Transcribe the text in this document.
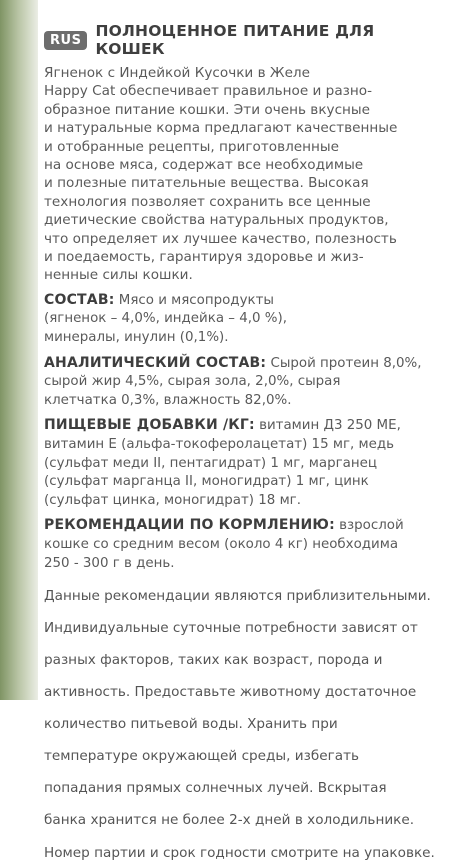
RUS ПОЛНОЦЕННОЕ ПИТАНИЕ ДЛЯ КОШЕК

Ягненок с Индейкой Кусочки в Желе

Happy Cat обеспечивает правильное и разно-

образное питание кошки. Эти очень вкусные

и натуральные корма предлагают качественные

и отобранные рецепты, приготовленные

на основе мяса, содержат все необходимые

и полезные питательные вещества. Высокая

технология позволяет сохранить все ценные

диетические свойства натуральных продуктов,

что определяет их лучшее качество, полезность

и поедаемость, гарантируя здоровье и жиз-

ненные силы кошки.

СОСТАВ: Мясо и мясопродукты

(ягненок – 4,0%, индейка – 4,0 %),

минералы, инулин (0,1%).

АНАЛИТИЧЕСКИЙ СОСТАВ: Сырой протеин 8,0%,

сырой жир 4,5%, сырая зола, 2,0%, сырая

клетчатка 0,3%, влажность 82,0%.

ПИЩЕВЫЕ ДОБАВКИ /КГ: витамин Д3 250 МЕ,

витамин Е (альфа-токоферолацетат) 15 мг, медь

(сульфат меди II, пентагидрат) 1 мг, марганец

(сульфат марганца II, моногидрат) 1 мг, цинк

(сульфат цинка, моногидрат) 18 мг.

РЕКОМЕНДАЦИИ ПО КОРМЛЕНИЮ: взрослой

кошке со средним весом (около 4 кг) необходима

250 - 300 г в день.

Данные рекомендации являются приблизительными.

Индивидуальные суточные потребности зависят от

разных факторов, таких как возраст, порода и

активность. Предоставьте животному достаточное

количество питьевой воды. Хранить при

температуре окружающей среды, избегать

попадания прямых солнечных лучей. Вскрытая

банка хранится не более 2-х дней в холодильнике.

Номер партии и срок годности смотрите на упаковке.
